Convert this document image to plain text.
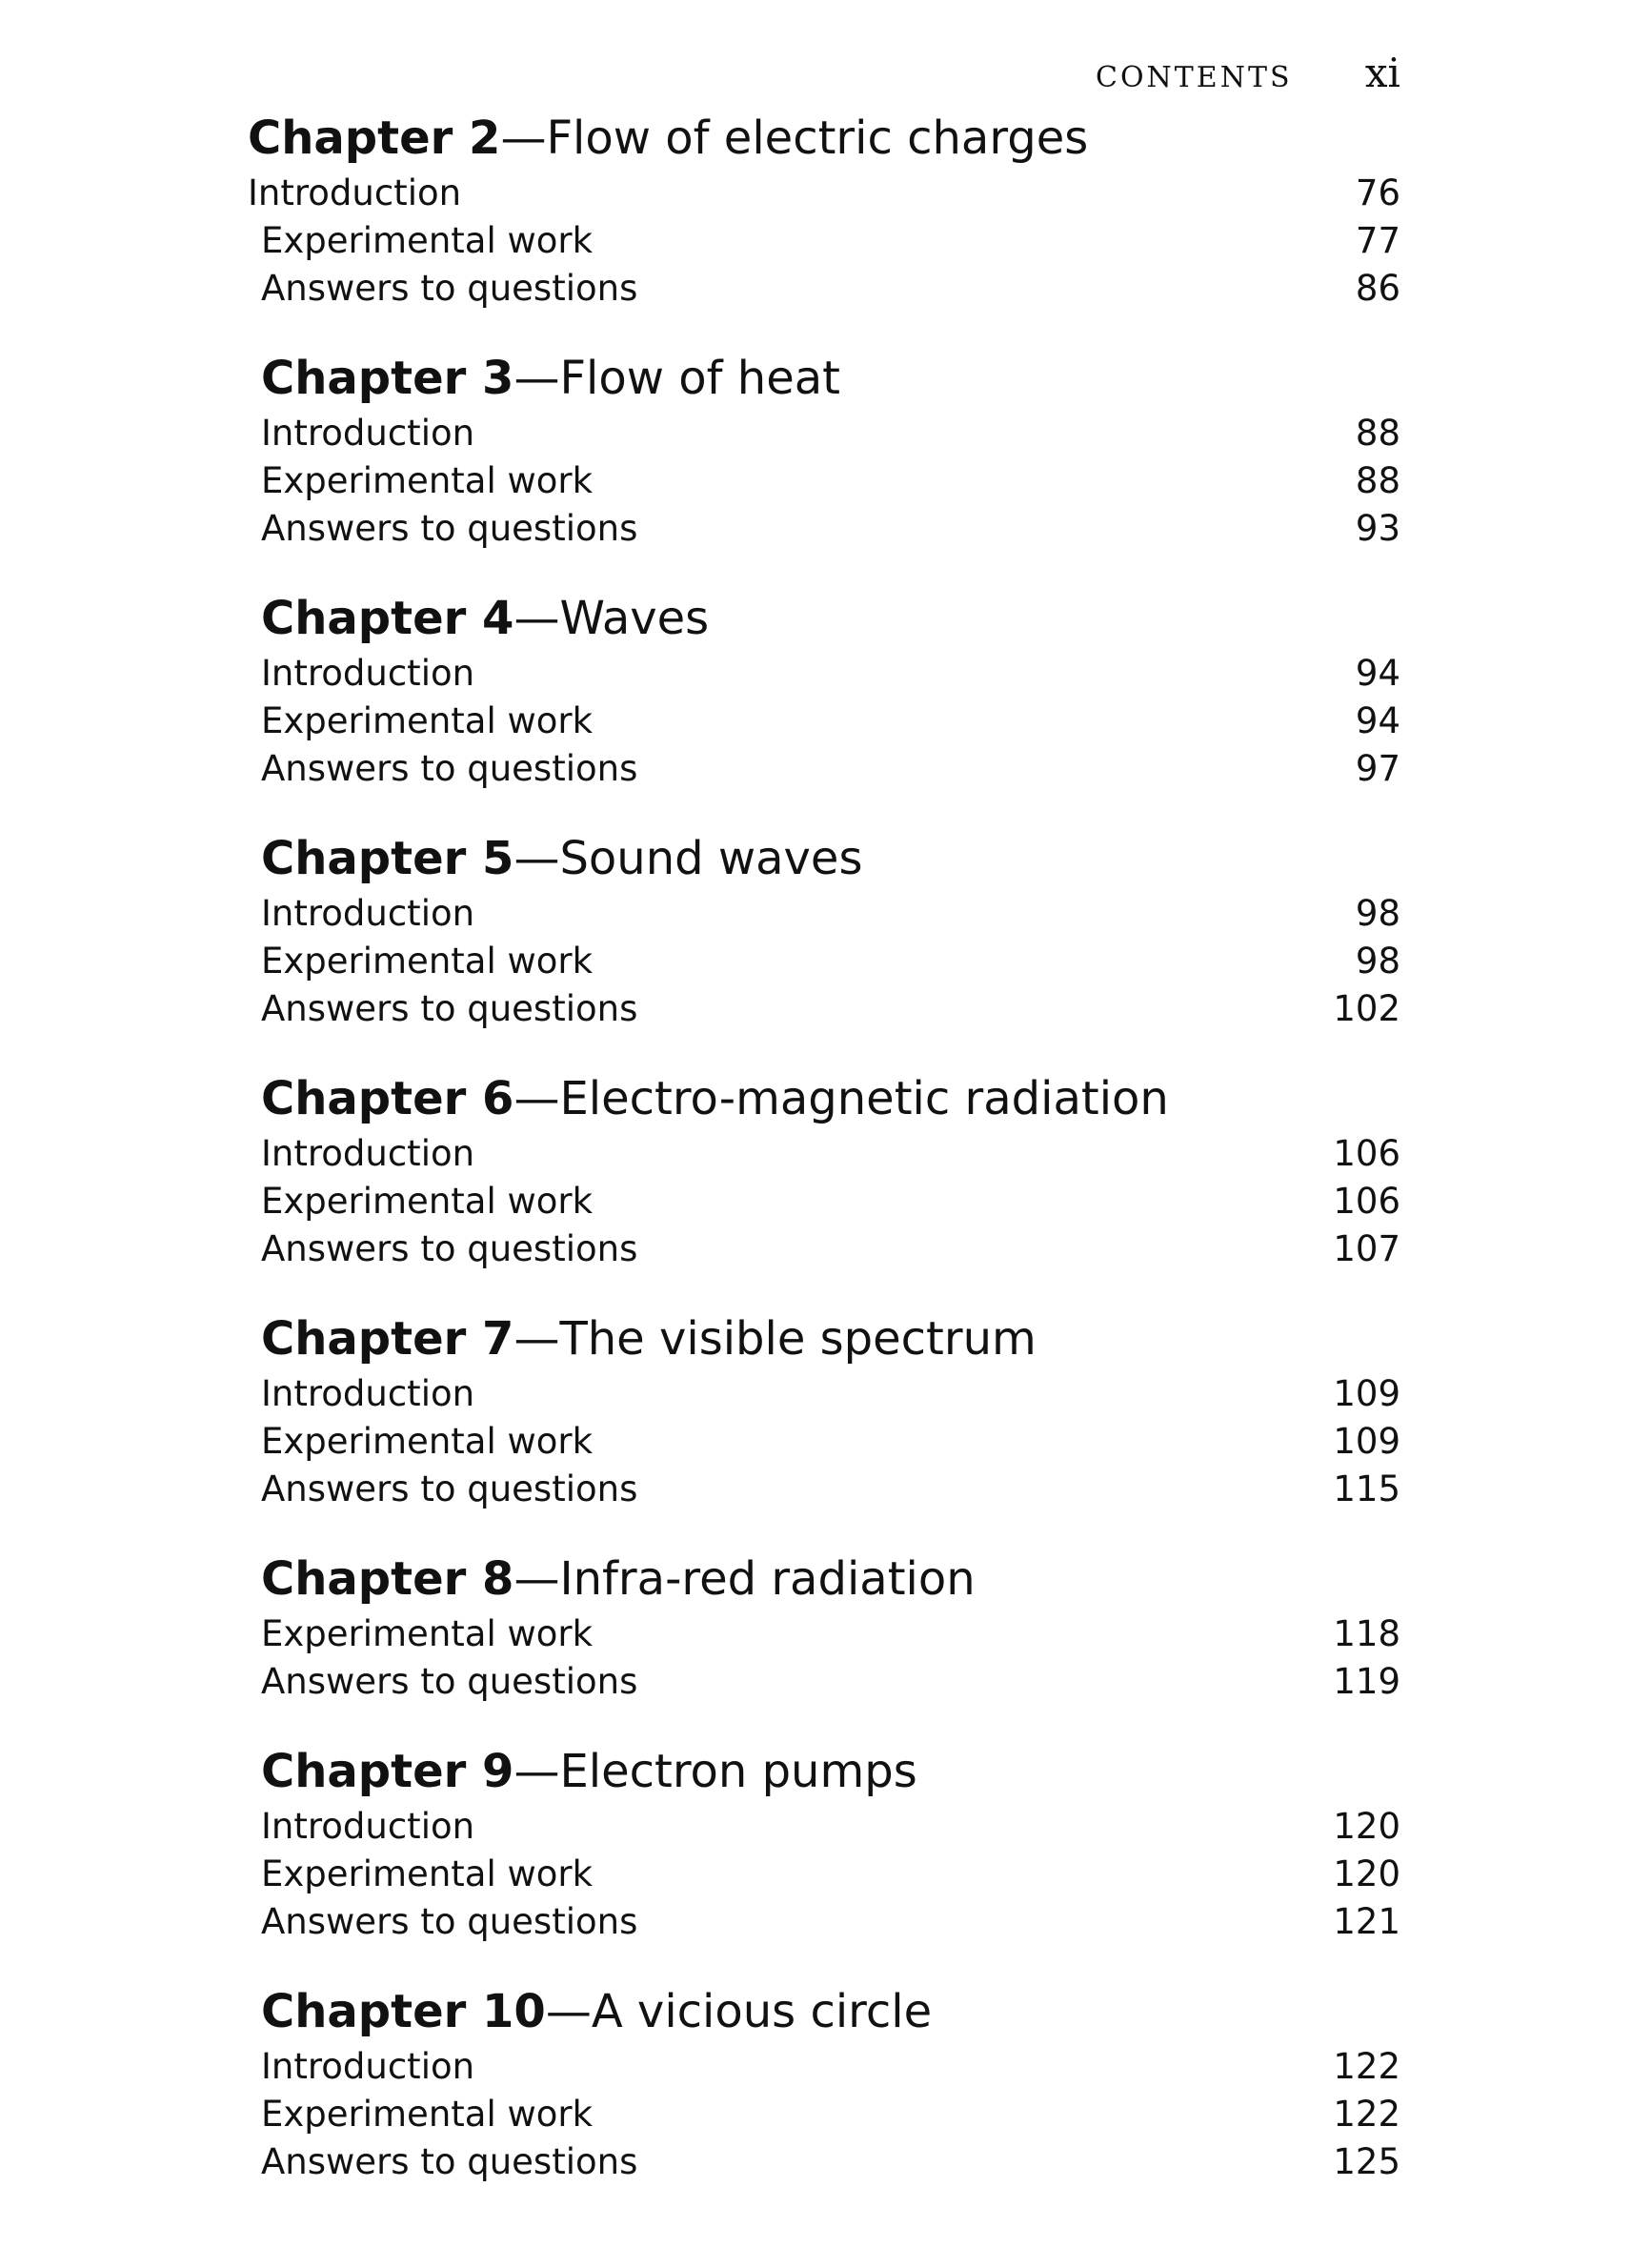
CONTENTS xi
Chapter 2—Flow of electric charges
Introduction	76
Experimental work	77
Answers to questions	86
Chapter 3—Flow of heat
Introduction	88
Experimental work	88
Answers to questions	93
Chapter 4—Waves
Introduction	94
Experimental work	94
Answers to questions	97
Chapter 5—Sound waves
Introduction	98
Experimental work	98
Answers to questions	102
Chapter 6—Electro-magnetic radiation
Introduction	106
Experimental work	106
Answers to questions	107
Chapter 7—The visible spectrum
Introduction	109
Experimental work	109
Answers to questions	115
Chapter 8—Infra-red radiation
Experimental work	118
Answers to questions	119
Chapter 9—Electron pumps
Introduction	120
Experimental work	120
Answers to questions	121
Chapter 10—A vicious circle
Introduction	122
Experimental work	122
Answers to questions	125
